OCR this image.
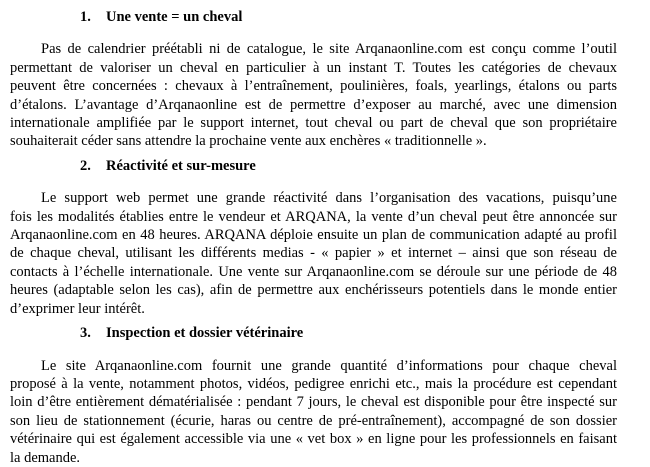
1. Une vente = un cheval
Pas de calendrier préétabli ni de catalogue, le site Arqanaonline.com est conçu comme l’outil
permettant de valoriser un cheval en particulier à un instant T. Toutes les catégories de chevaux
peuvent être concernées : chevaux à l’entraînement, poulinières, foals, yearlings, étalons ou parts
d’étalons. L’avantage d’Arqanaonline est de permettre d’exposer au marché, avec une dimension
internationale amplifiée par le support internet, tout cheval ou part de cheval que son propriétaire
souhaiterait céder sans attendre la prochaine vente aux enchères « traditionnelle ».
2. Réactivité et sur-mesure
Le support web permet une grande réactivité dans l’organisation des vacations, puisqu’une
fois les modalités établies entre le vendeur et ARQANA, la vente d’un cheval peut être annoncée sur
Arqanaonline.com en 48 heures. ARQANA déploie ensuite un plan de communication adapté au profil
de chaque cheval, utilisant les différents medias - « papier » et internet – ainsi que son réseau de
contacts à l’échelle internationale. Une vente sur Arqanaonline.com se déroule sur une période de 48
heures (adaptable selon les cas), afin de permettre aux enchérisseurs potentiels dans le monde entier
d’exprimer leur intérêt.
3. Inspection et dossier vétérinaire
Le site Arqanaonline.com fournit une grande quantité d’informations pour chaque cheval
proposé à la vente, notamment photos, vidéos, pedigree enrichi etc., mais la procédure est cependant
loin d’être entièrement dématérialisée : pendant 7 jours, le cheval est disponible pour être inspecté sur
son lieu de stationnement (écurie, haras ou centre de pré-entraînement), accompagné de son dossier
vétérinaire qui est également accessible via une « vet box » en ligne pour les professionnels en faisant
la demande.
